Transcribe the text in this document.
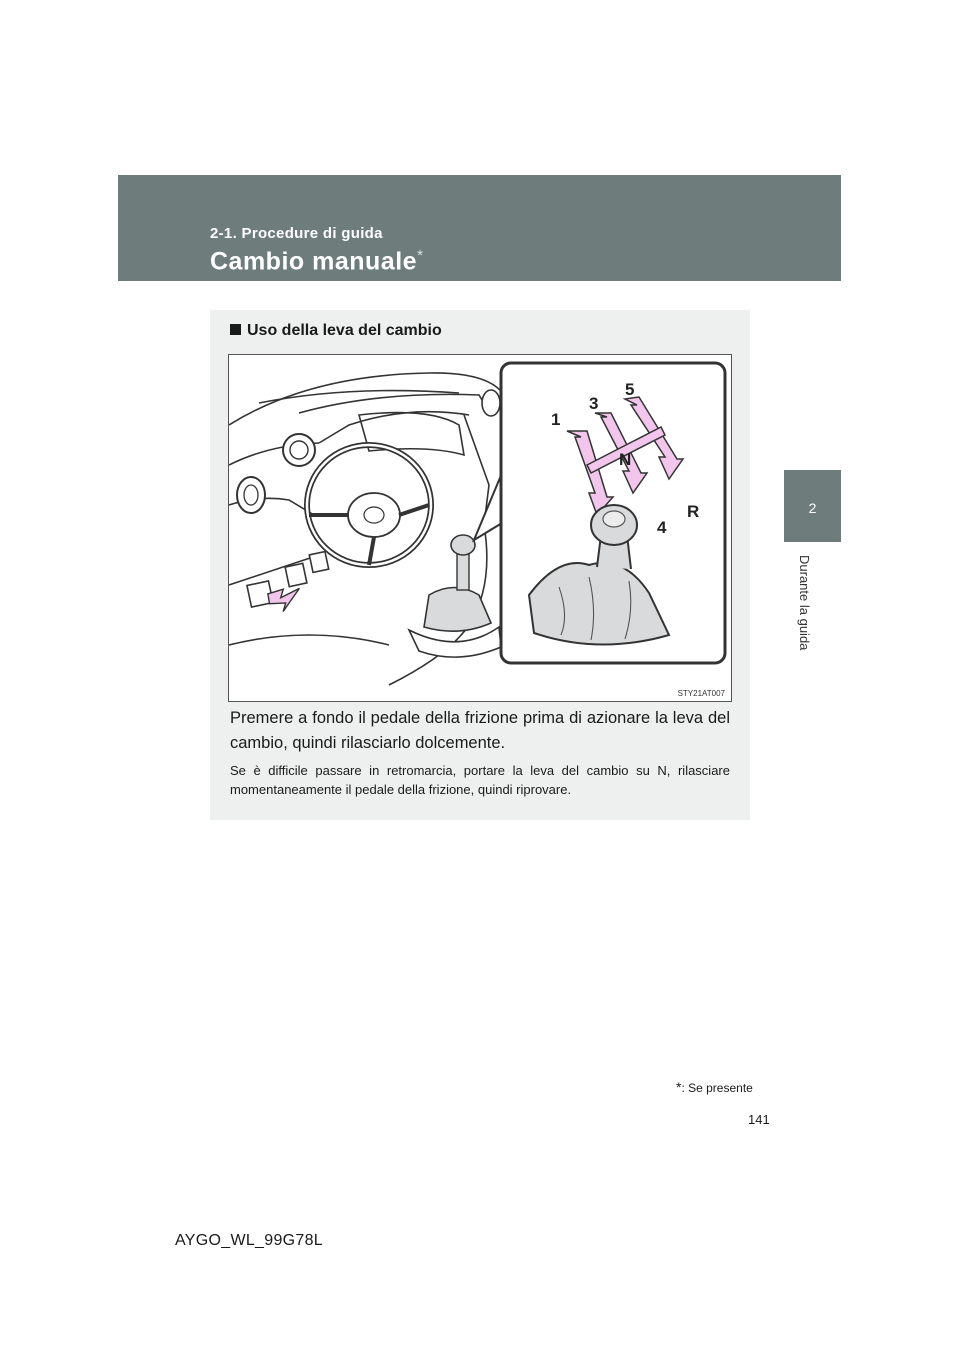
2-1. Procedure di guida
Cambio manuale*
2
Durante la guida
Uso della leva del cambio
1
3
4
5
R
N
STY21AT007
Premere a fondo il pedale della frizione prima di azionare la leva del cambio, quindi rilasciarlo dolcemente.
Se è difficile passare in retromarcia, portare la leva del cambio su N, rilasciare momentaneamente il pedale della frizione, quindi riprovare.
*: Se presente
141
AYGO_WL_99G78L
